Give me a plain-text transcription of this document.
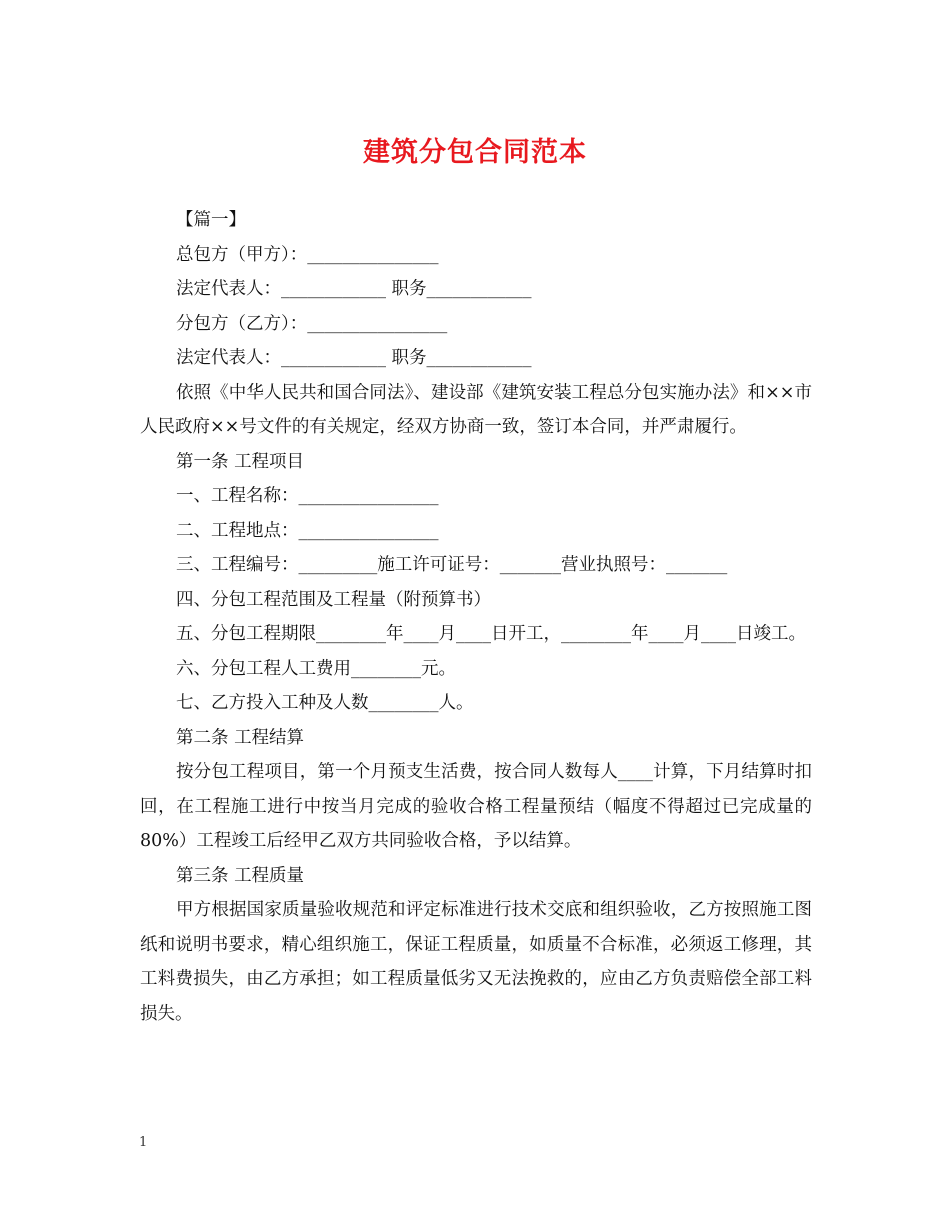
建筑分包合同范本

【篇一】

总包方（甲方）：_______________

法定代表人：____________ 职务____________

分包方（乙方）：________________

法定代表人：____________ 职务____________

依照《中华人民共和国合同法》、建设部《建筑安装工程总分包实施办法》和××市人民政府××号文件的有关规定，经双方协商一致，签订本合同，并严肃履行。

第一条 工程项目

一、工程名称：________________

二、工程地点：________________

三、工程编号：_________施工许可证号：_______营业执照号：_______

四、分包工程范围及工程量（附预算书）

五、分包工程期限________年____月____日开工，________年____月____日竣工。

六、分包工程人工费用________元。

七、乙方投入工种及人数________人。

第二条 工程结算

按分包工程项目，第一个月预支生活费，按合同人数每人____计算，下月结算时扣回，在工程施工进行中按当月完成的验收合格工程量预结（幅度不得超过已完成量的80%）工程竣工后经甲乙双方共同验收合格，予以结算。

第三条 工程质量

甲方根据国家质量验收规范和评定标准进行技术交底和组织验收，乙方按照施工图纸和说明书要求，精心组织施工，保证工程质量，如质量不合标准，必须返工修理，其工料费损失，由乙方承担；如工程质量低劣又无法挽救的，应由乙方负责赔偿全部工料损失。

1
